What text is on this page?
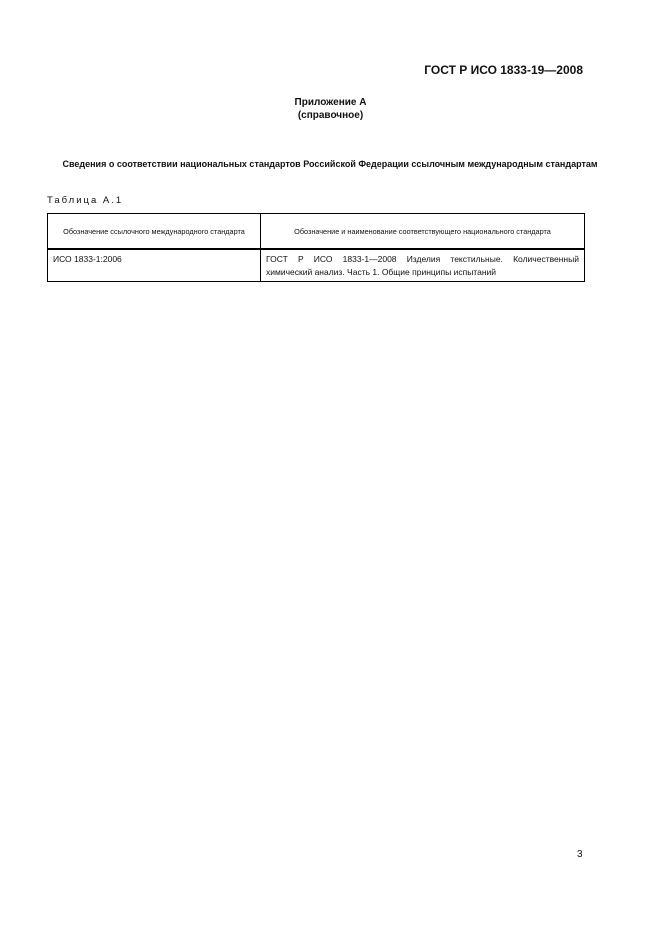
ГОСТ Р ИСО 1833-19—2008
Приложение А
(справочное)
Сведения о соответствии национальных стандартов Российской Федерации ссылочным международным стандартам
Таблица А.1
Обозначение ссылочного международного стандарта	Обозначение и наименование соответствующего национального стандарта
ИСО 1833-1:2006	ГОСТ Р ИСО 1833-1—2008 Изделия текстильные. Количественный химический анализ. Часть 1. Общие принципы испытаний
3
